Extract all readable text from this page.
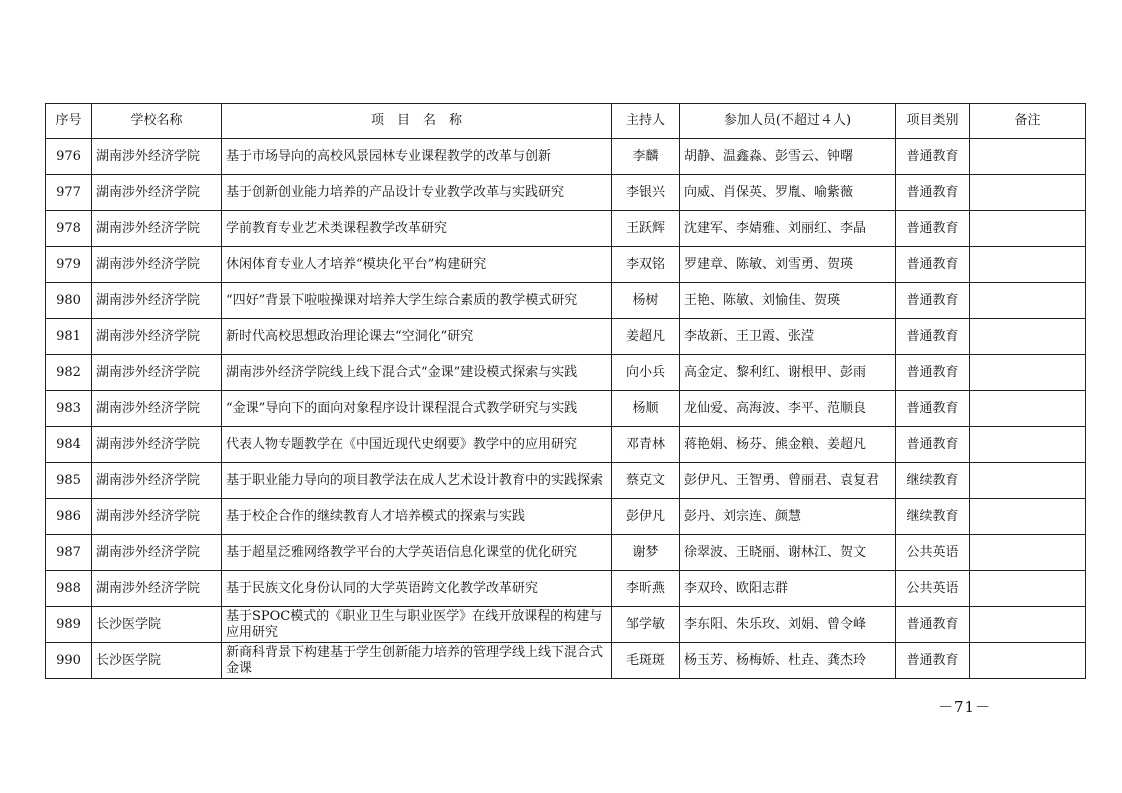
序号	学校名称	项　目　名　称	主持人	参加人员(不超过４人)	项目类别	备注
976	湖南涉外经济学院	基于市场导向的高校风景园林专业课程教学的改革与创新	李麟	胡静、温鑫淼、彭雪云、钟曙	普通教育	
977	湖南涉外经济学院	基于创新创业能力培养的产品设计专业教学改革与实践研究	李银兴	向威、肖保英、罗胤、喻紫薇	普通教育	
978	湖南涉外经济学院	学前教育专业艺术类课程教学改革研究	王跃辉	沈建军、李婧雅、刘丽红、李晶	普通教育	
979	湖南涉外经济学院	休闲体育专业人才培养“模块化平台”构建研究	李双铭	罗建章、陈敏、刘雪勇、贺瑛	普通教育	
980	湖南涉外经济学院	“四好”背景下啦啦操课对培养大学生综合素质的教学模式研究	杨树	王艳、陈敏、刘愉佳、贺瑛	普通教育	
981	湖南涉外经济学院	新时代高校思想政治理论课去“空洞化”研究	姜超凡	李故新、王卫霞、张滢	普通教育	
982	湖南涉外经济学院	湖南涉外经济学院线上线下混合式“金课”建设模式探索与实践	向小兵	高金定、黎利红、谢根甲、彭雨	普通教育	
983	湖南涉外经济学院	“金课”导向下的面向对象程序设计课程混合式教学研究与实践	杨顺	龙仙爱、高海波、李平、范顺良	普通教育	
984	湖南涉外经济学院	代表人物专题教学在《中国近现代史纲要》教学中的应用研究	邓青林	蒋艳娟、杨芬、熊金粮、姜超凡	普通教育	
985	湖南涉外经济学院	基于职业能力导向的项目教学法在成人艺术设计教育中的实践探索	蔡克文	彭伊凡、王智勇、曾丽君、袁复君	继续教育	
986	湖南涉外经济学院	基于校企合作的继续教育人才培养模式的探索与实践	彭伊凡	彭丹、刘宗连、颜慧	继续教育	
987	湖南涉外经济学院	基于超星泛雅网络教学平台的大学英语信息化课堂的优化研究	谢梦	徐翠波、王晓丽、谢林江、贺文	公共英语	
988	湖南涉外经济学院	基于民族文化身份认同的大学英语跨文化教学改革研究	李昕燕	李双玲、欧阳志群	公共英语	
989	长沙医学院	基于SPOC模式的《职业卫生与职业医学》在线开放课程的构建与应用研究	邹学敏	李东阳、朱乐玫、刘娟、曾令峰	普通教育	
990	长沙医学院	新商科背景下构建基于学生创新能力培养的管理学线上线下混合式金课	毛斑斑	杨玉芳、杨梅娇、杜垚、龚杰玲	普通教育	
－71－
